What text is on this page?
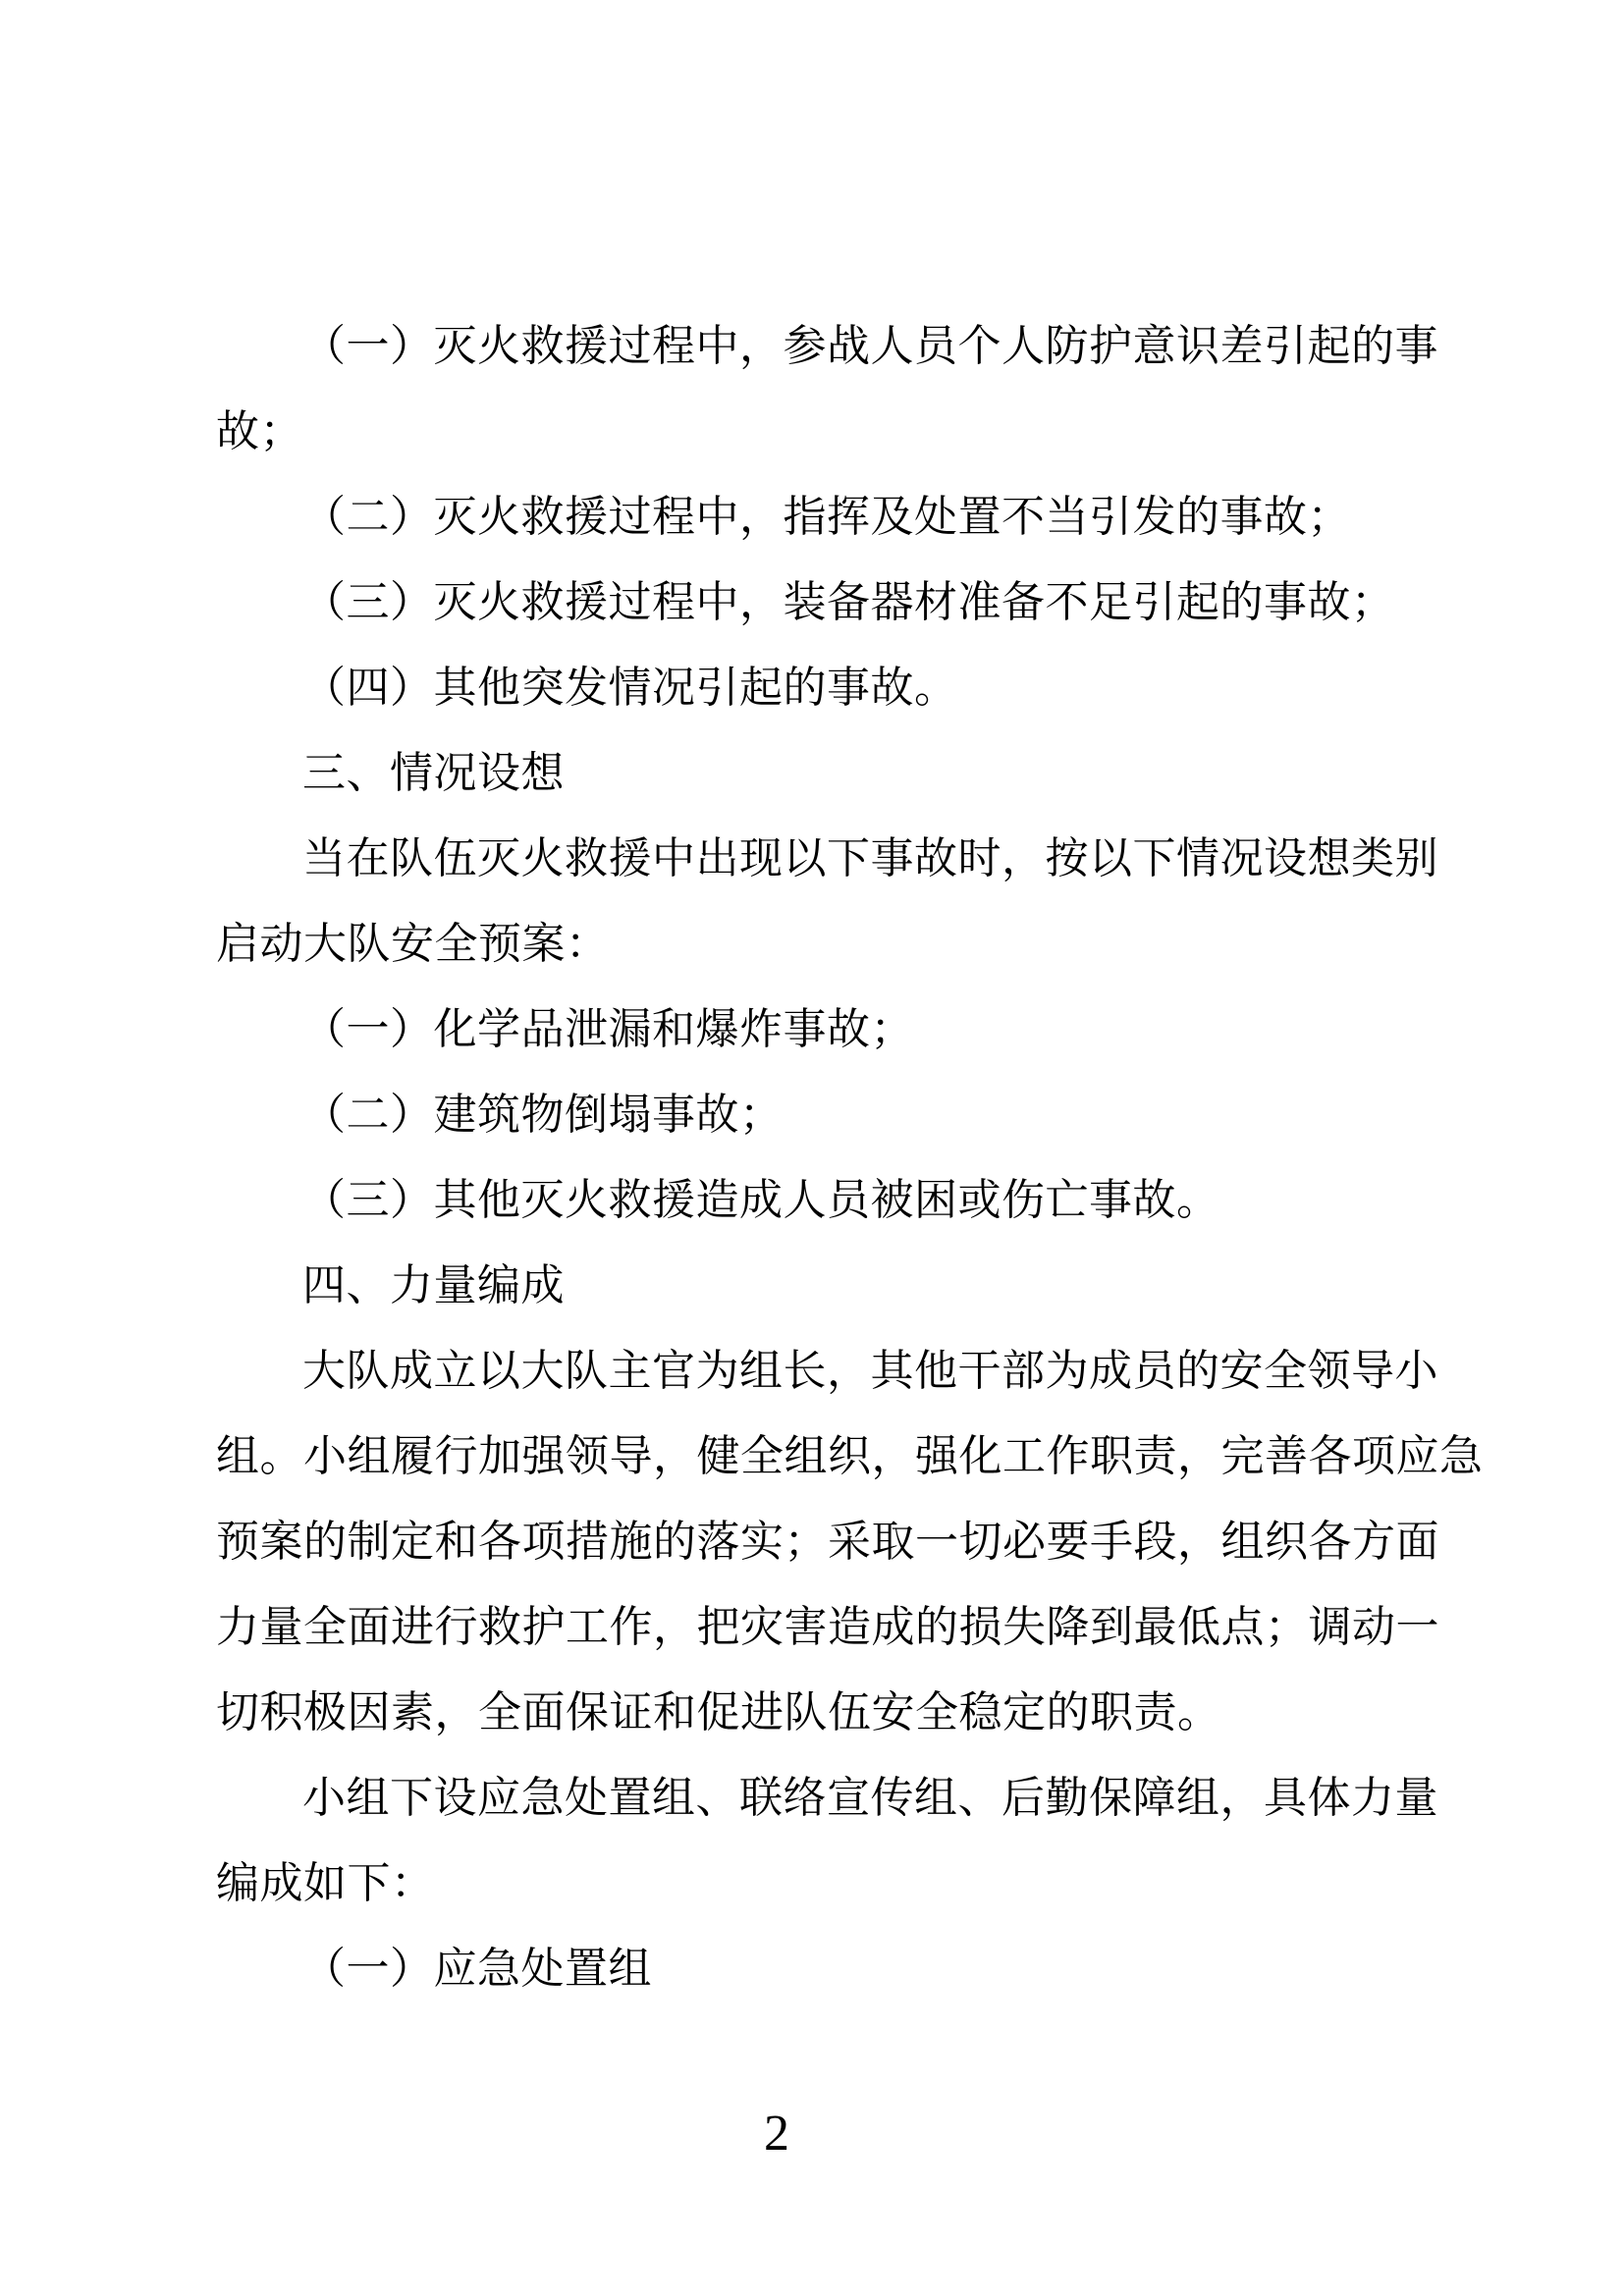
（一）灭火救援过程中，参战人员个人防护意识差引起的事
故；
（二）灭火救援过程中，指挥及处置不当引发的事故；
（三）灭火救援过程中，装备器材准备不足引起的事故；
（四）其他突发情况引起的事故。
三、情况设想
当在队伍灭火救援中出现以下事故时，按以下情况设想类别
启动大队安全预案：
（一）化学品泄漏和爆炸事故；
（二）建筑物倒塌事故；
（三）其他灭火救援造成人员被困或伤亡事故。
四、力量编成
大队成立以大队主官为组长，其他干部为成员的安全领导小
组。小组履行加强领导，健全组织，强化工作职责，完善各项应急
预案的制定和各项措施的落实；采取一切必要手段，组织各方面
力量全面进行救护工作，把灾害造成的损失降到最低点；调动一
切积极因素，全面保证和促进队伍安全稳定的职责。
小组下设应急处置组、联络宣传组、后勤保障组，具体力量
编成如下：
（一）应急处置组
2
